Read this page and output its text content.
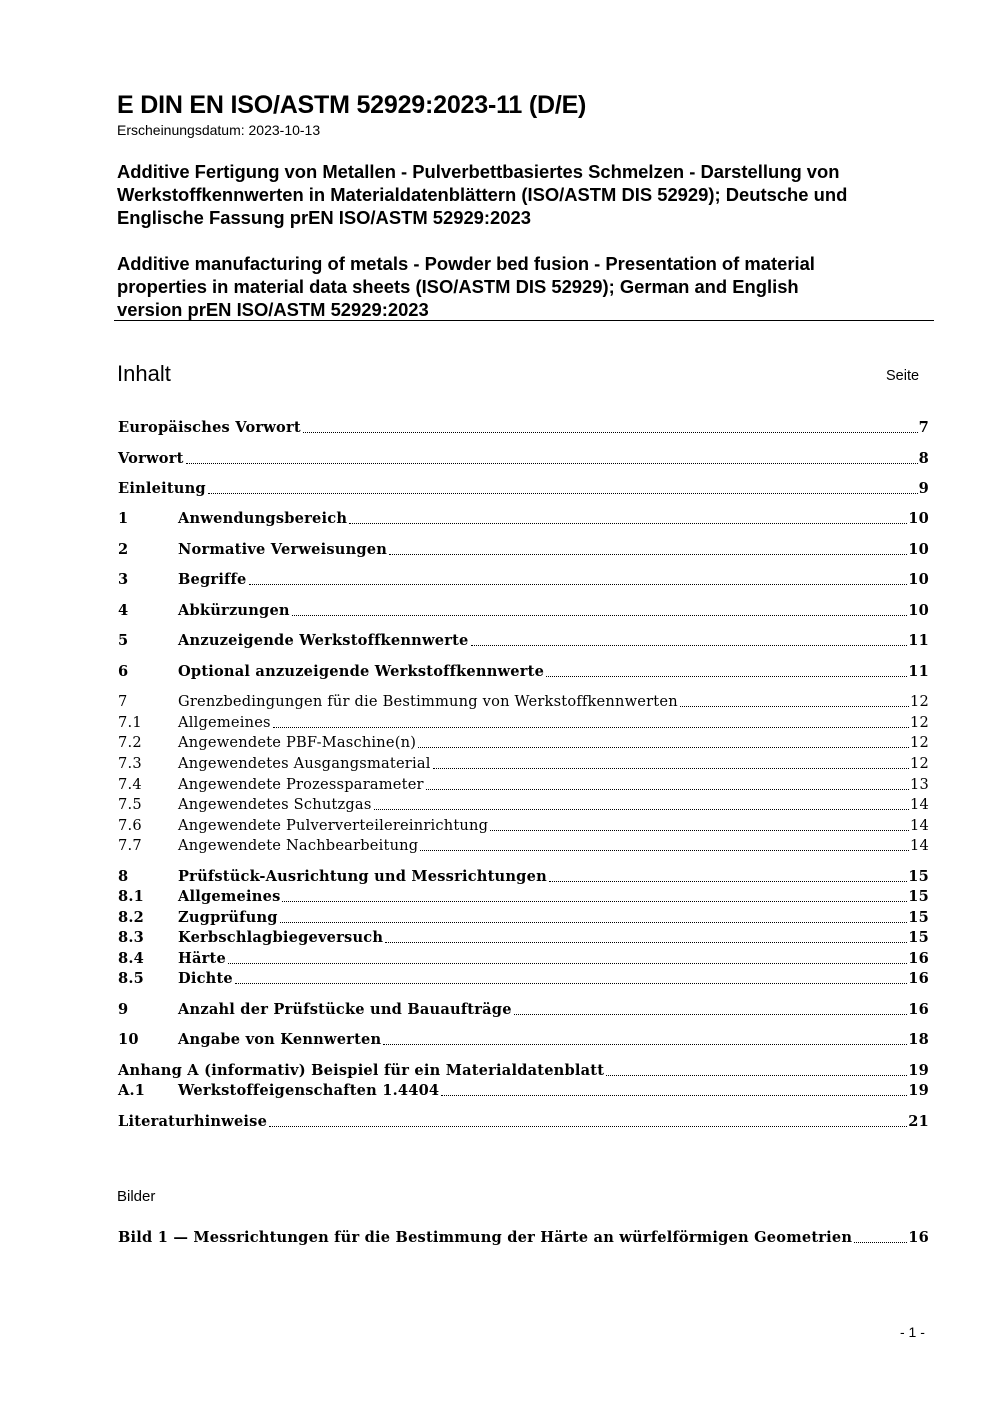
E DIN EN ISO/ASTM 52929:2023-11 (D/E)
Erscheinungsdatum: 2023-10-13
Additive Fertigung von Metallen - Pulverbettbasiertes Schmelzen - Darstellung von
Werkstoffkennwerten in Materialdatenblättern (ISO/ASTM DIS 52929); Deutsche und
Englische Fassung prEN ISO/ASTM 52929:2023
Additive manufacturing of metals - Powder bed fusion - Presentation of material
properties in material data sheets (ISO/ASTM DIS 52929); German and English
version prEN ISO/ASTM 52929:2023
Inhalt	Seite
Europäisches Vorwort	7
Vorwort	8
Einleitung	9
1	Anwendungsbereich	10
2	Normative Verweisungen	10
3	Begriffe	10
4	Abkürzungen	10
5	Anzuzeigende Werkstoffkennwerte	11
6	Optional anzuzeigende Werkstoffkennwerte	11
7	Grenzbedingungen für die Bestimmung von Werkstoffkennwerten	12
7.1	Allgemeines	12
7.2	Angewendete PBF-Maschine(n)	12
7.3	Angewendetes Ausgangsmaterial	12
7.4	Angewendete Prozessparameter	13
7.5	Angewendetes Schutzgas	14
7.6	Angewendete Pulververteilereinrichtung	14
7.7	Angewendete Nachbearbeitung	14
8	Prüfstück-Ausrichtung und Messrichtungen	15
8.1	Allgemeines	15
8.2	Zugprüfung	15
8.3	Kerbschlagbiegeversuch	15
8.4	Härte	16
8.5	Dichte	16
9	Anzahl der Prüfstücke und Bauaufträge	16
10	Angabe von Kennwerten	18
Anhang A (informativ) Beispiel für ein Materialdatenblatt	19
A.1	Werkstoffeigenschaften 1.4404	19
Literaturhinweise	21
Bilder
Bild 1 — Messrichtungen für die Bestimmung der Härte an würfelförmigen Geometrien	16
- 1 -
